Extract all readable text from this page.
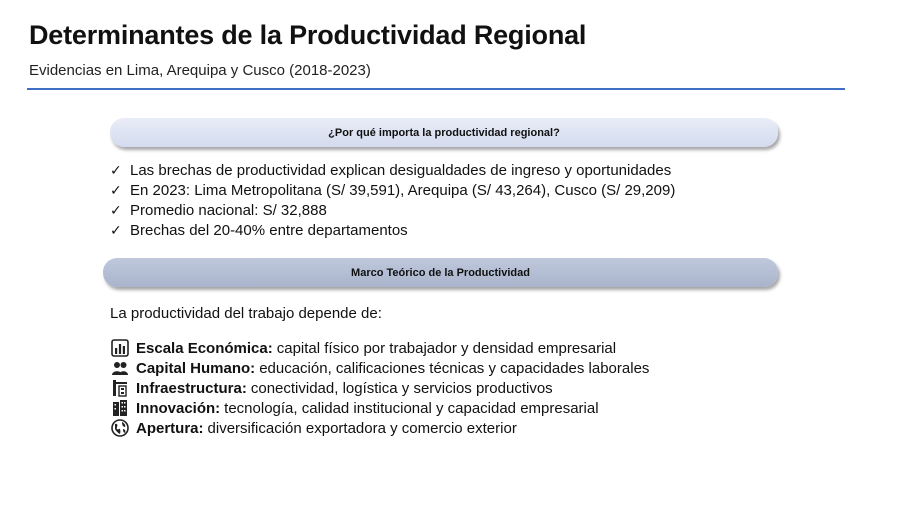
Determinantes de la Productividad Regional
Evidencias en Lima, Arequipa y Cusco (2018-2023)
¿Por qué importa la productividad regional?
✓ Las brechas de productividad explican desigualdades de ingreso y oportunidades
✓ En 2023: Lima Metropolitana (S/ 39,591), Arequipa (S/ 43,264), Cusco (S/ 29,209)
✓ Promedio nacional: S/ 32,888
✓ Brechas del 20-40% entre departamentos
Marco Teórico de la Productividad
La productividad del trabajo depende de:
Escala Económica: capital físico por trabajador y densidad empresarial
Capital Humano: educación, calificaciones técnicas y capacidades laborales
Infraestructura: conectividad, logística y servicios productivos
Innovación: tecnología, calidad institucional y capacidad empresarial
Apertura: diversificación exportadora y comercio exterior
